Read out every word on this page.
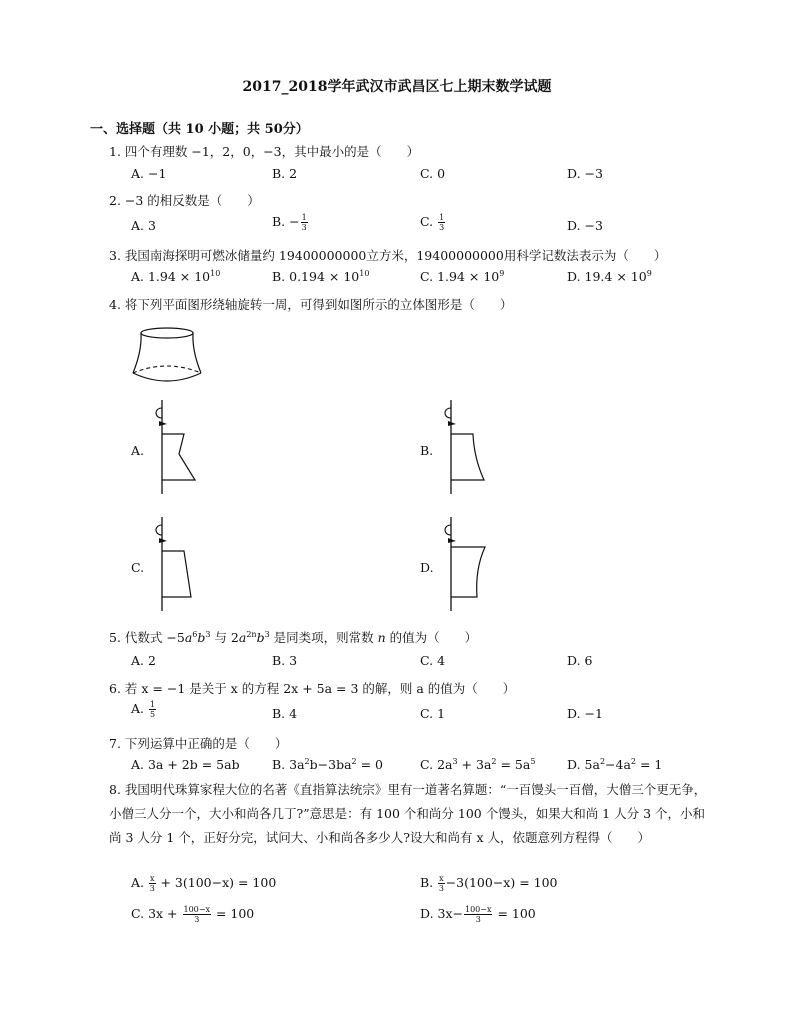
2017_2018学年武汉市武昌区七上期末数学试题
一、选择题（共 10 小题；共 50分）
1. 四个有理数 −1，2，0，−3，其中最小的是（　　）
A. −1	B. 2	C. 0	D. −3
2. −3 的相反数是（　　）
A. 3	B. − $\frac{1}{3}$	C. $\frac{1}{3}$	D. −3
3. 我国南海探明可燃冰储量约 19400000000立方米，19400000000用科学记数法表示为（　　）
A. $1.94 \times 10^{10}$	B. $0.194 \times 10^{10}$	C. $1.94 \times 10^9$	D. $19.4 \times 10^9$
4. 将下列平面图形绕轴旋转一周，可得到如图所示的立体图形是（　　）
A.	B.
C.	D.
5. 代数式 $-5a^6b^3$ 与 $2a^{2n}b^3$ 是同类项，则常数 n 的值为（　　）
A. 2	B. 3	C. 4	D. 6
6. 若 x = −1 是关于 x 的方程 2x + 5a = 3 的解，则 a 的值为（　　）
A. $\frac{1}{5}$	B. 4	C. 1	D. −1
7. 下列运算中正确的是（　　）
A. 3a + 2b = 5ab	B. $3a^2b-3ba^2 = 0$	C. $2a^3 + 3a^2 = 5a^5$	D. $5a^2-4a^2 = 1$
8. 我国明代珠算家程大位的名著《直指算法统宗》里有一道著名算题：“一百馒头一百僧，大僧三个更无争，小僧三人分一个，大小和尚各几丁?”意思是：有 100 个和尚分 100 个馒头，如果大和尚 1 人分 3 个，小和尚 3 人分 1 个，正好分完，试问大、小和尚各多少人?设大和尚有 x 人，依题意列方程得（　　）
A. $\frac{x}{3} + 3(100-x) = 100$	B. $\frac{x}{3} -3(100-x) = 100$
C. $3x + \frac{100-x}{3} = 100$	D. $3x- \frac{100-x}{3} = 100$
